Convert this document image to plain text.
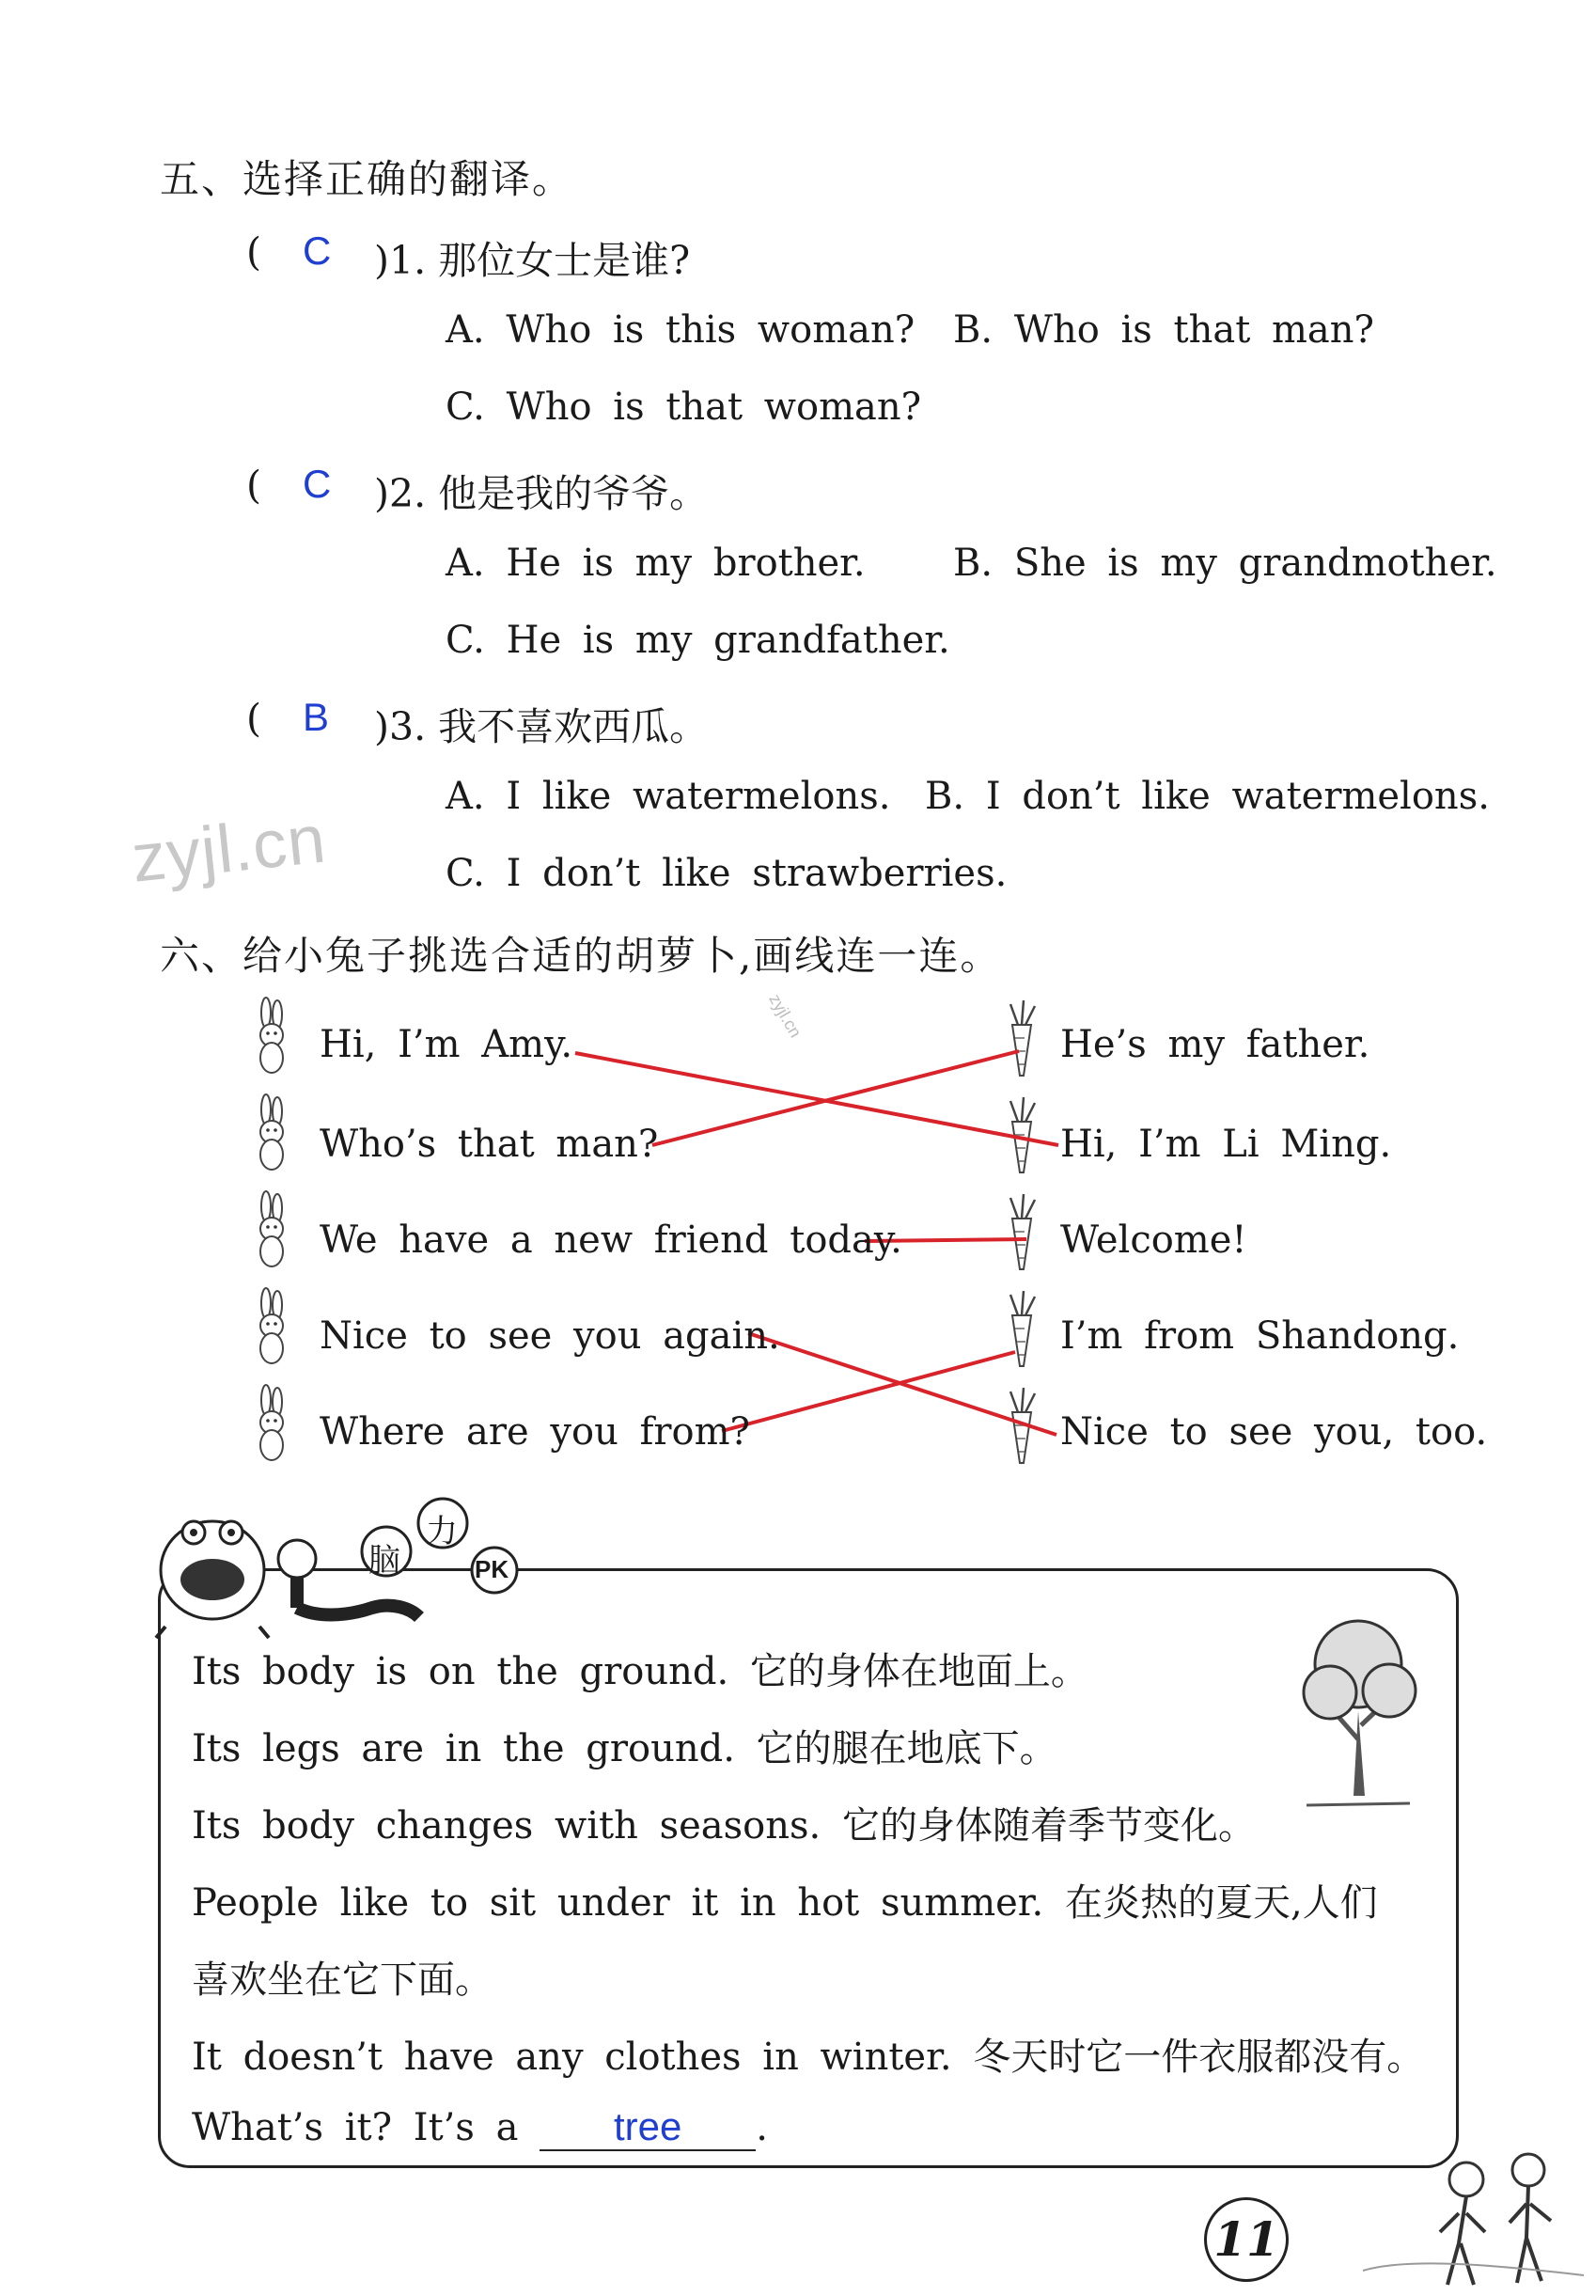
五、选择正确的翻译。
( C )1. 那位女士是谁?
A. Who is this woman? B. Who is that man?
C. Who is that woman?
( C )2. 他是我的爷爷。
A. He is my brother. B. She is my grandmother.
C. He is my grandfather.
( B )3. 我不喜欢西瓜。
A. I like watermelons. B. I don’t like watermelons.
C. I don’t like strawberries.
zyjl.cn
zyjl.cn
六、给小兔子挑选合适的胡萝卜,画线连一连。
Hi, I’m Amy.
Who’s that man?
We have a new friend today.
Nice to see you again.
Where are you from?
He’s my father.
Hi, I’m Li Ming.
Welcome!
I’m from Shandong.
Nice to see you, too.
脑
力
PK
Its body is on the ground. 它的身体在地面上。
Its legs are in the ground. 它的腿在地底下。
Its body changes with seasons. 它的身体随着季节变化。
People like to sit under it in hot summer. 在炎热的夏天,人们
喜欢坐在它下面。
It doesn’t have any clothes in winter. 冬天时它一件衣服都没有。
What’s it? It’s a tree .
11
